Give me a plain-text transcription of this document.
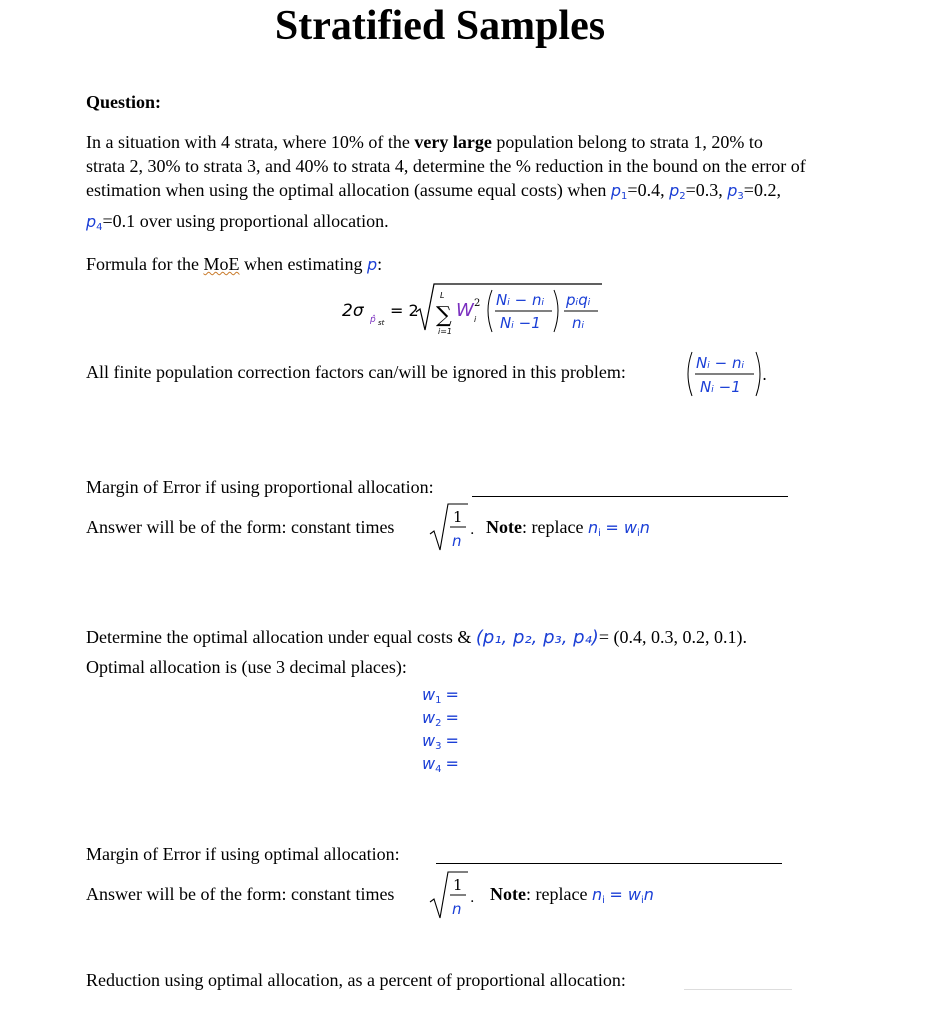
Stratified Samples
Question:
In a situation with 4 strata, where 10% of the very large population belong to strata 1, 20% to strata 2, 30% to strata 3, and 40% to strata 4, determine the % reduction in the bound on the error of estimation when using the optimal allocation (assume equal costs) when $p_1=0.4$, $p_2=0.3$, $p_3=0.2$, $p_4=0.1$ over using proportional allocation.
Formula for the MoE when estimating p:
2σ p̂ st
= 2 ∑
L
i=1
W i
2 Nᵢ − nᵢ
Nᵢ −1
pᵢqᵢ
nᵢ
All finite population correction factors can/will be ignored in this problem:	Nᵢ − nᵢ
Nᵢ −1
.
Margin of Error if using proportional allocation:
Answer will be of the form: constant times	1
n
. Note: replace $n_i = w_in$
Determine the optimal allocation under equal costs & (p₁, p₂, p₃, p₄)= (0.4, 0.3, 0.2, 0.1).
Optimal allocation is (use 3 decimal places):
$w_1$ =
$w_2$ =
$w_3$ =
$w_4$ =
Margin of Error if using optimal allocation:
Answer will be of the form: constant times	1
n
. Note: replace $n_i = w_in$
Reduction using optimal allocation, as a percent of proportional allocation:
